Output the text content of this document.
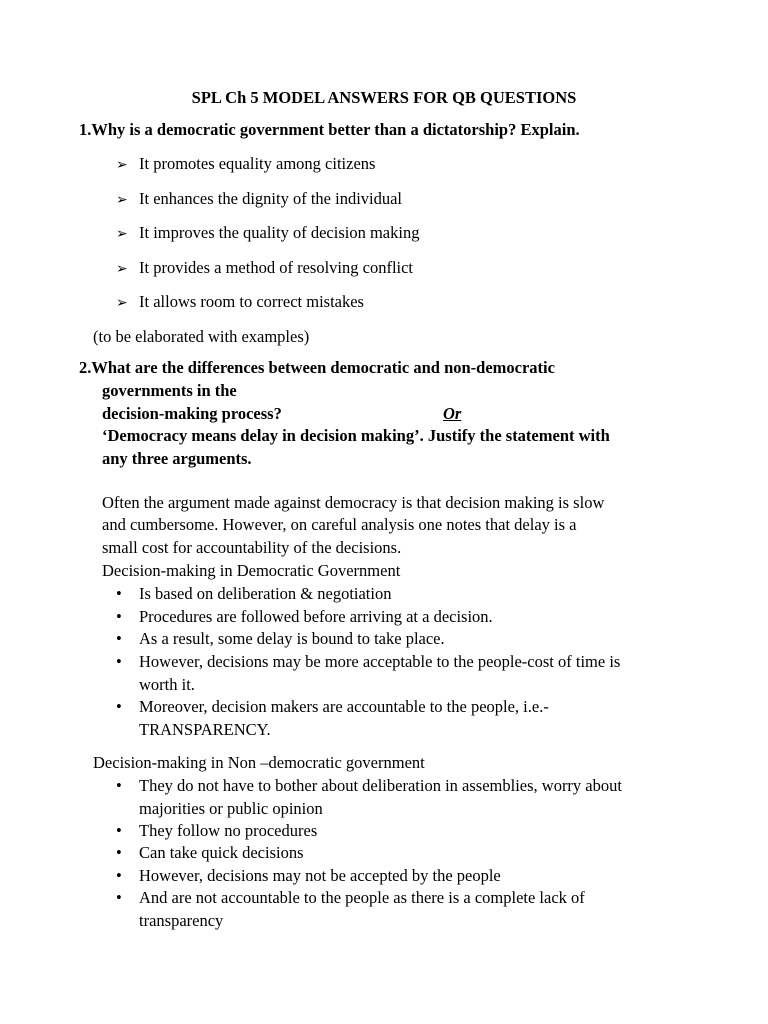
SPL Ch 5 MODEL ANSWERS FOR QB QUESTIONS
1.Why is a democratic government better than a dictatorship? Explain.
➢ It promotes equality among citizens
➢ It enhances the dignity of the individual
➢ It improves the quality of decision making
➢ It provides a method of resolving conflict
➢ It allows room to correct mistakes
(to be elaborated with examples)
2.What are the differences between democratic and non-democratic
governments in the
decision-making process?	Or
‘Democracy means delay in decision making’. Justify the statement with
any three arguments.
Often the argument made against democracy is that decision making is slow
and cumbersome. However, on careful analysis one notes that delay is a
small cost for accountability of the decisions.
Decision-making in Democratic Government
•	Is based on deliberation & negotiation
•	Procedures are followed before arriving at a decision.
•	As a result, some delay is bound to take place.
•	However, decisions may be more acceptable to the people-cost of time is worth it.
•	Moreover, decision makers are accountable to the people, i.e.- TRANSPARENCY.
Decision-making in Non –democratic government
•	They do not have to bother about deliberation in assemblies, worry about majorities or public opinion
•	They follow no procedures
•	Can take quick decisions
•	However, decisions may not be accepted by the people
•	And are not accountable to the people as there is a complete lack of transparency
